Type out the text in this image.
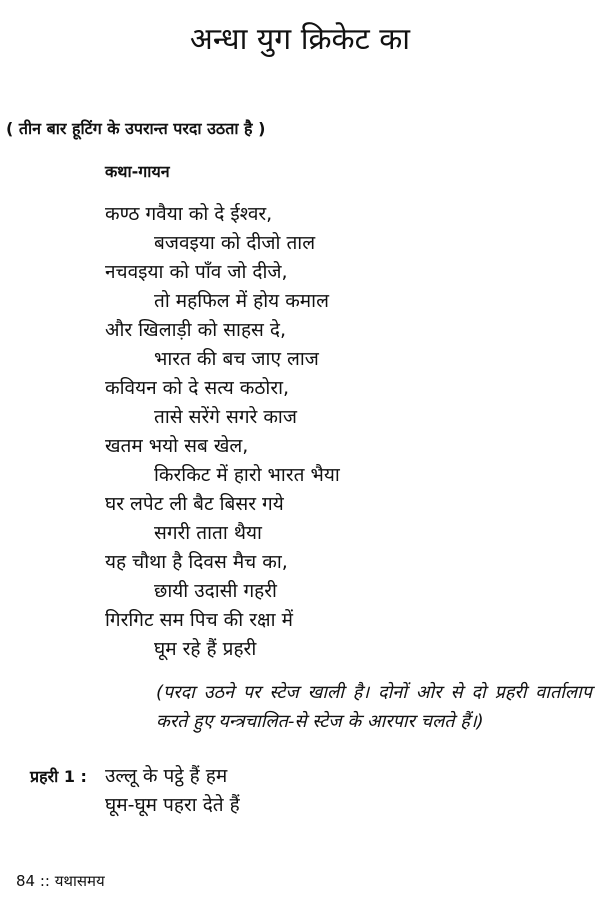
अन्धा युग क्रिकेट का
( तीन बार हूटिंग के उपरान्त परदा उठता है )
कथा-गायन
कण्ठ गवैया को दे ईश्वर,
बजवइया को दीजो ताल
नचवइया को पाँव जो दीजे,
तो महफिल में होय कमाल
और खिलाड़ी को साहस दे,
भारत की बच जाए लाज
कवियन को दे सत्य कठोरा,
तासे सरेंगे सगरे काज
खतम भयो सब खेल,
किरकिट में हारो भारत भैया
घर लपेट ली बैट बिसर गये
सगरी ताता थैया
यह चौथा है दिवस मैच का,
छायी उदासी गहरी
गिरगिट सम पिच की रक्षा में
घूम रहे हैं प्रहरी
(परदा उठने पर स्टेज खाली है। दोनों ओर से दो प्रहरी वार्तालाप करते हुए यन्त्रचालित-से स्टेज के आरपार चलते हैं।)
प्रहरी 1 : उल्लू के पट्ठे हैं हम
घूम-घूम पहरा देते हैं
84 :: यथासमय
